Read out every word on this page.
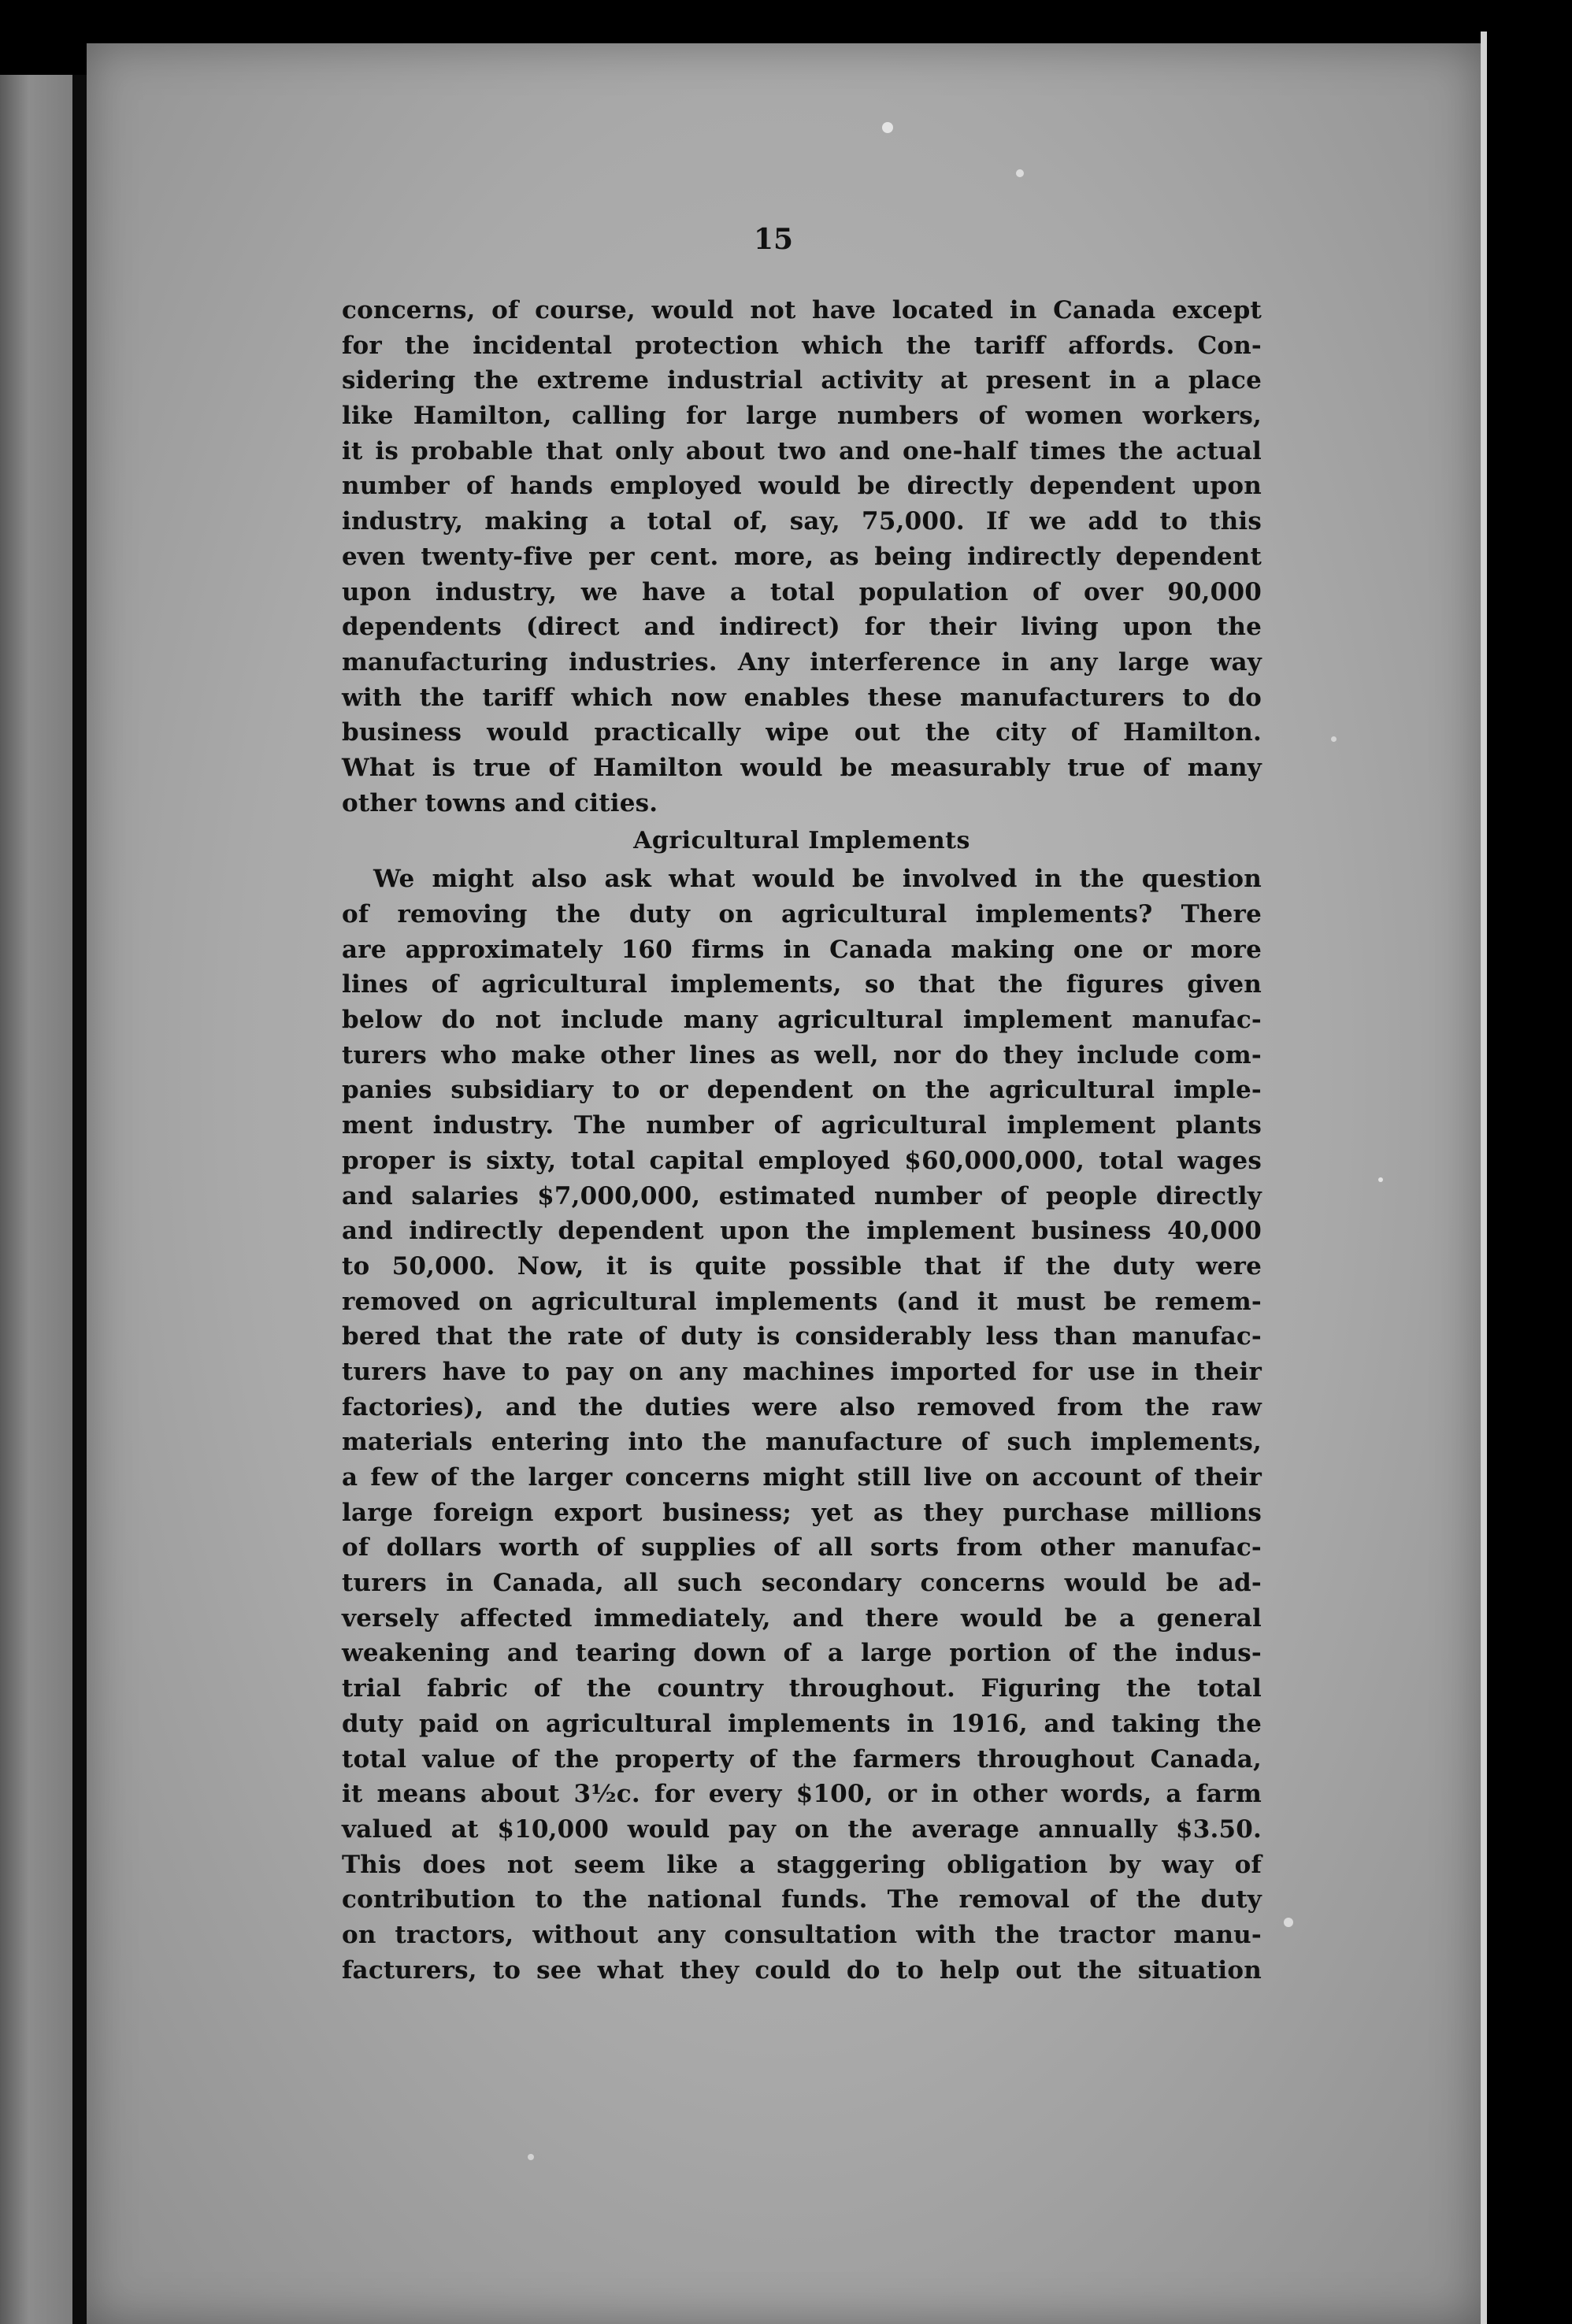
15
concerns, of course, would not have located in Canada except
for the incidental protection which the tariff affords. Con-
sidering the extreme industrial activity at present in a place
like Hamilton, calling for large numbers of women workers,
it is probable that only about two and one-half times the actual
number of hands employed would be directly dependent upon
industry, making a total of, say, 75,000. If we add to this
even twenty-five per cent. more, as being indirectly dependent
upon industry, we have a total population of over 90,000
dependents (direct and indirect) for their living upon the
manufacturing industries. Any interference in any large way
with the tariff which now enables these manufacturers to do
business would practically wipe out the city of Hamilton.
What is true of Hamilton would be measurably true of many
other towns and cities.
Agricultural Implements
We might also ask what would be involved in the question
of removing the duty on agricultural implements? There
are approximately 160 firms in Canada making one or more
lines of agricultural implements, so that the figures given
below do not include many agricultural implement manufac-
turers who make other lines as well, nor do they include com-
panies subsidiary to or dependent on the agricultural imple-
ment industry. The number of agricultural implement plants
proper is sixty, total capital employed $60,000,000, total wages
and salaries $7,000,000, estimated number of people directly
and indirectly dependent upon the implement business 40,000
to 50,000. Now, it is quite possible that if the duty were
removed on agricultural implements (and it must be remem-
bered that the rate of duty is considerably less than manufac-
turers have to pay on any machines imported for use in their
factories), and the duties were also removed from the raw
materials entering into the manufacture of such implements,
a few of the larger concerns might still live on account of their
large foreign export business; yet as they purchase millions
of dollars worth of supplies of all sorts from other manufac-
turers in Canada, all such secondary concerns would be ad-
versely affected immediately, and there would be a general
weakening and tearing down of a large portion of the indus-
trial fabric of the country throughout. Figuring the total
duty paid on agricultural implements in 1916, and taking the
total value of the property of the farmers throughout Canada,
it means about 3½c. for every $100, or in other words, a farm
valued at $10,000 would pay on the average annually $3.50.
This does not seem like a staggering obligation by way of
contribution to the national funds. The removal of the duty
on tractors, without any consultation with the tractor manu-
facturers, to see what they could do to help out the situation
